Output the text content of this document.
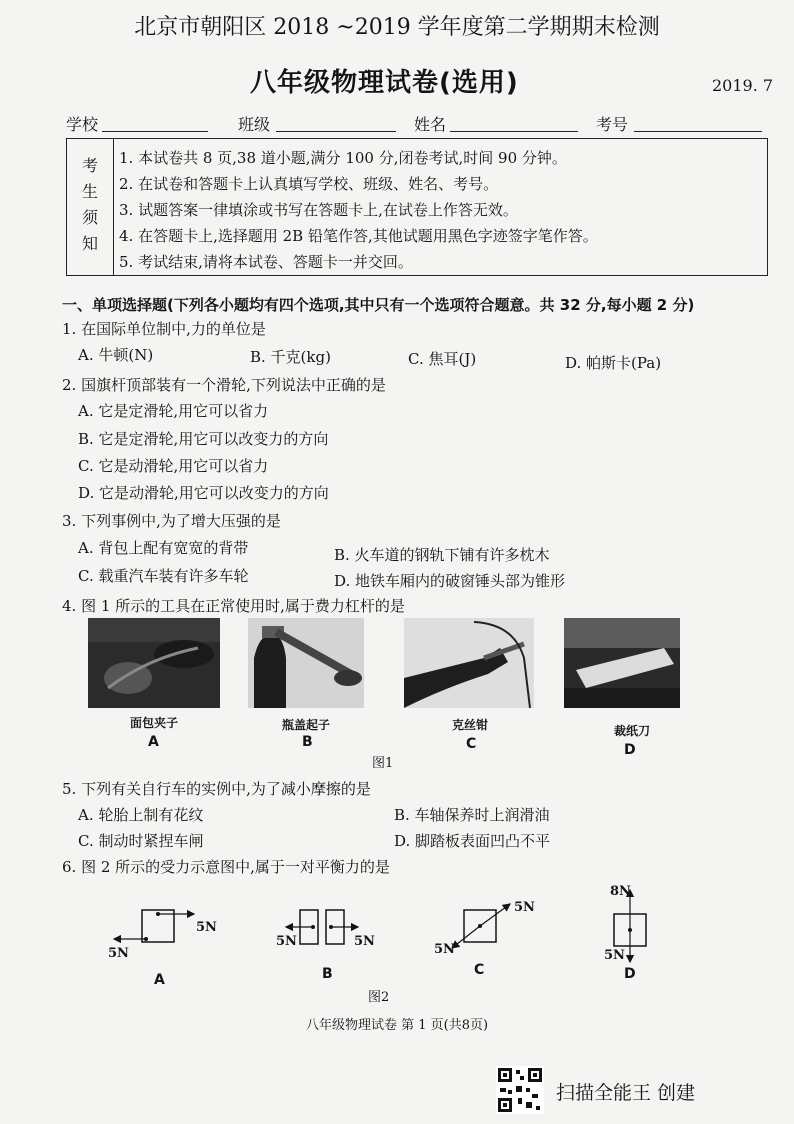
北京市朝阳区 2018 ~2019 学年度第二学期期末检测
八年级物理试卷(选用)	2019. 7
学校	班级	姓名	考号
考
生
须
知
1. 本试卷共 8 页,38 道小题,满分 100 分,闭卷考试,时间 90 分钟。
2. 在试卷和答题卡上认真填写学校、班级、姓名、考号。
3. 试题答案一律填涂或书写在答题卡上,在试卷上作答无效。
4. 在答题卡上,选择题用 2B 铅笔作答,其他试题用黑色字迹签字笔作答。
5. 考试结束,请将本试卷、答题卡一并交回。
一、单项选择题(下列各小题均有四个选项,其中只有一个选项符合题意。共 32 分,每小题 2 分)
1. 在国际单位制中,力的单位是
A. 牛顿(N)	B. 千克(kg)	C. 焦耳(J)	D. 帕斯卡(Pa)
2. 国旗杆顶部装有一个滑轮,下列说法中正确的是
A. 它是定滑轮,用它可以省力
B. 它是定滑轮,用它可以改变力的方向
C. 它是动滑轮,用它可以省力
D. 它是动滑轮,用它可以改变力的方向
3. 下列事例中,为了增大压强的是
A. 背包上配有宽宽的背带	B. 火车道的钢轨下铺有许多枕木
C. 载重汽车装有许多车轮	D. 地铁车厢内的破窗锤头部为锥形
4. 图 1 所示的工具在正常使用时,属于费力杠杆的是
面包夹子	瓶盖起子	克丝钳	裁纸刀
A	B	C	D
图1
5. 下列有关自行车的实例中,为了减小摩擦的是
A. 轮胎上制有花纹	B. 车轴保养时上润滑油
C. 制动时紧捏车闸	D. 脚踏板表面凹凸不平
6. 图 2 所示的受力示意图中,属于一对平衡力的是
5N
5N
5N	5N
5N
5N
8N
5N
A	B	C	D
图2
八年级物理试卷 第 1 页(共8页)
扫描全能王 创建
